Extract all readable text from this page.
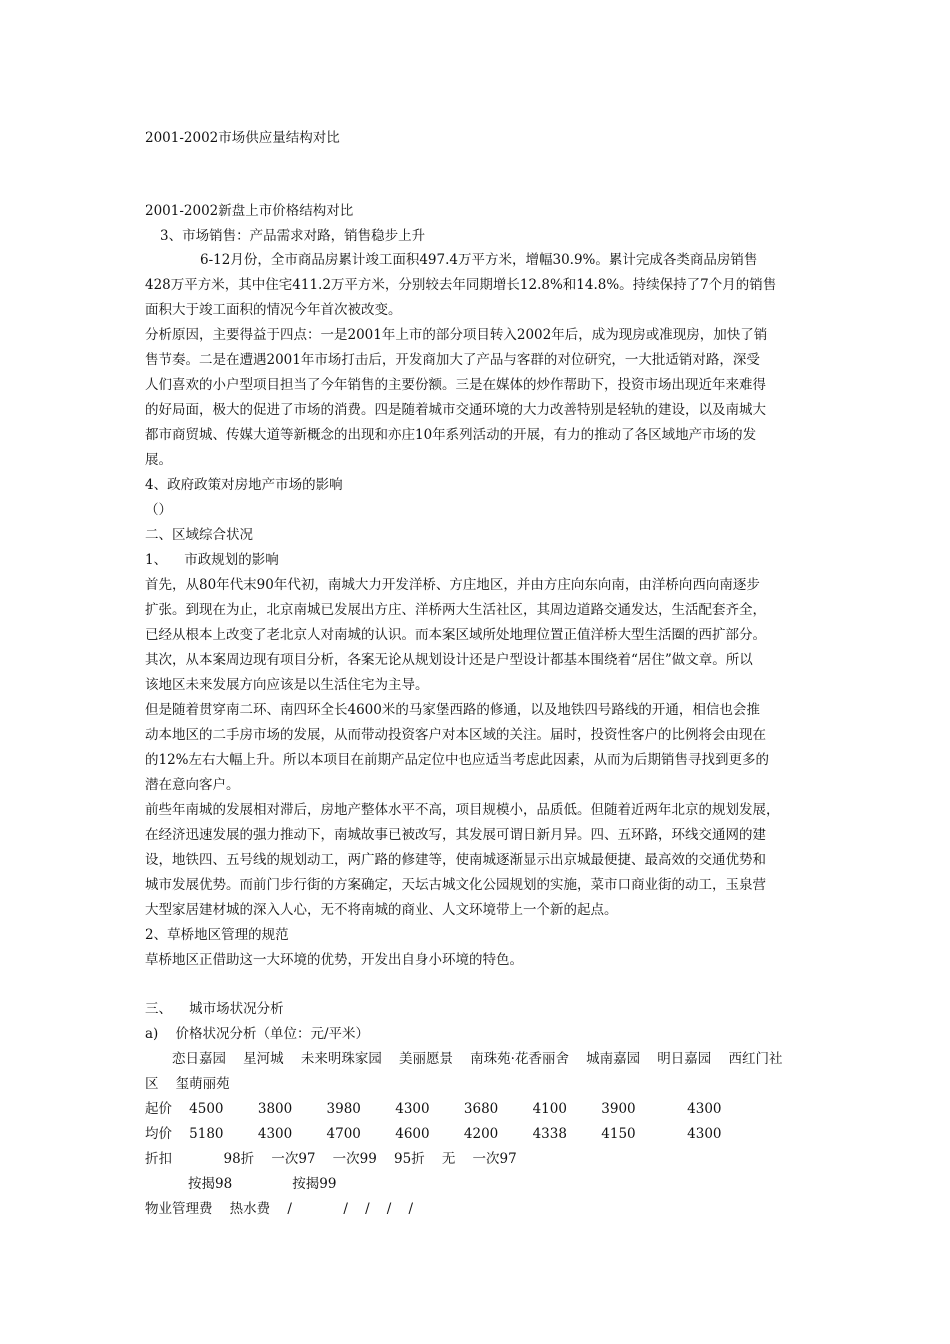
2001-2002市场供应量结构对比
2001-2002新盘上市价格结构对比
3、市场销售：产品需求对路，销售稳步上升
6-12月份，全市商品房累计竣工面积497.4万平方米，增幅30.9%。累计完成各类商品房销售
428万平方米，其中住宅411.2万平方米，分别较去年同期增长12.8%和14.8%。持续保持了7个月的销售
面积大于竣工面积的情况今年首次被改变。
分析原因，主要得益于四点：一是2001年上市的部分项目转入2002年后，成为现房或准现房，加快了销
售节奏。二是在遭遇2001年市场打击后，开发商加大了产品与客群的对位研究，一大批适销对路，深受
人们喜欢的小户型项目担当了今年销售的主要份额。三是在媒体的炒作帮助下，投资市场出现近年来难得
的好局面，极大的促进了市场的消费。四是随着城市交通环境的大力改善特别是轻轨的建设，以及南城大
都市商贸城、传媒大道等新概念的出现和亦庄10年系列活动的开展，有力的推动了各区域地产市场的发
展。
4、政府政策对房地产市场的影响
（）
二、区域综合状况
1、    市政规划的影响
首先，从80年代末90年代初，南城大力开发洋桥、方庄地区，并由方庄向东向南，由洋桥向西向南逐步
扩张。到现在为止，北京南城已发展出方庄、洋桥两大生活社区，其周边道路交通发达，生活配套齐全，
已经从根本上改变了老北京人对南城的认识。而本案区域所处地理位置正值洋桥大型生活圈的西扩部分。
其次，从本案周边现有项目分析，各案无论从规划设计还是户型设计都基本围绕着“居住”做文章。所以
该地区未来发展方向应该是以生活住宅为主导。
但是随着贯穿南二环、南四环全长4600米的马家堡西路的修通，以及地铁四号路线的开通，相信也会推
动本地区的二手房市场的发展，从而带动投资客户对本区域的关注。届时，投资性客户的比例将会由现在
的12%左右大幅上升。所以本项目在前期产品定位中也应适当考虑此因素，从而为后期销售寻找到更多的
潜在意向客户。
前些年南城的发展相对滞后，房地产整体水平不高，项目规模小，品质低。但随着近两年北京的规划发展，
在经济迅速发展的强力推动下，南城故事已被改写，其发展可谓日新月异。四、五环路，环线交通网的建
设，地铁四、五号线的规划动工，两广路的修建等，使南城逐渐显示出京城最便捷、最高效的交通优势和
城市发展优势。而前门步行街的方案确定，天坛古城文化公园规划的实施，菜市口商业街的动工，玉泉营
大型家居建材城的深入人心，无不将南城的商业、人文环境带上一个新的起点。
2、草桥地区管理的规范
草桥地区正借助这一大环境的优势，开发出自身小环境的特色。
三、    城市场状况分析
a)    价格状况分析（单位：元/平米）
恋日嘉园    星河城    未来明珠家园    美丽愿景    南珠苑·花香丽舍    城南嘉园    明日嘉园    西红门社
区    玺萌丽苑
起价    4500        3800        3980        4300        3680        4100        3900            4300
均价    5180        4300        4700        4600        4200        4338        4150            4300
折扣            98折    一次97    一次99    95折    无    一次97
按揭98              按揭99
物业管理费    热水费    /            /    /    /    /
